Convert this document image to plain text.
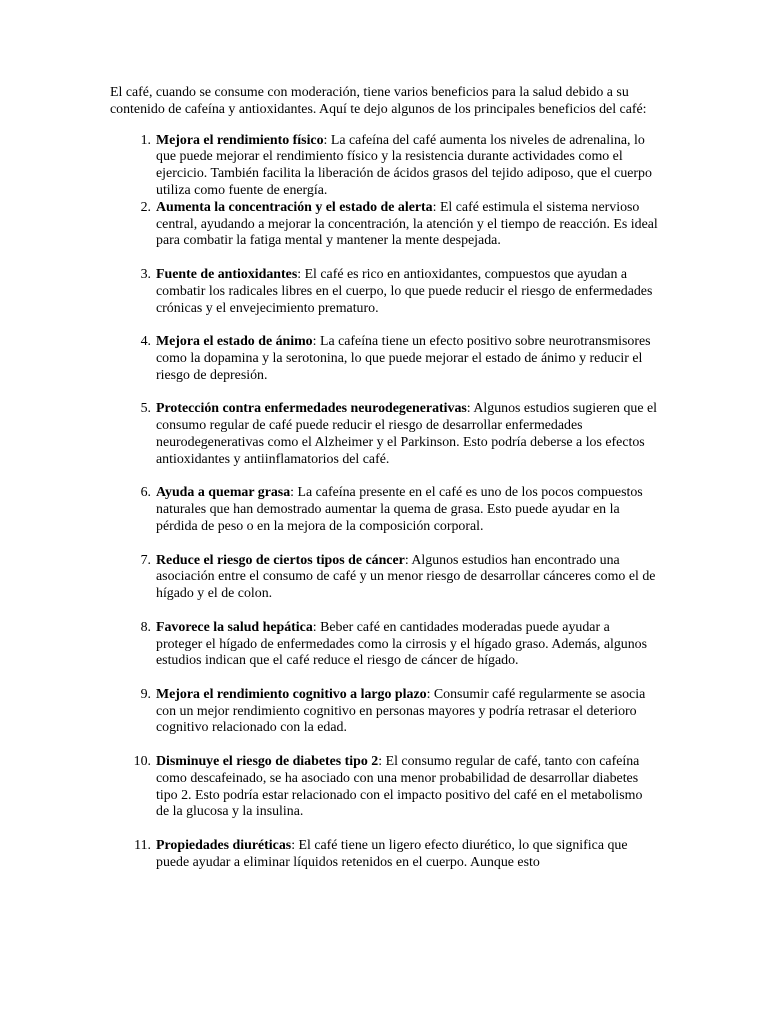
El café, cuando se consume con moderación, tiene varios beneficios para la salud debido a su contenido de cafeína y antioxidantes. Aquí te dejo algunos de los principales beneficios del café:

1. Mejora el rendimiento físico: La cafeína del café aumenta los niveles de adrenalina, lo que puede mejorar el rendimiento físico y la resistencia durante actividades como el ejercicio. También facilita la liberación de ácidos grasos del tejido adiposo, que el cuerpo utiliza como fuente de energía.
2. Aumenta la concentración y el estado de alerta: El café estimula el sistema nervioso central, ayudando a mejorar la concentración, la atención y el tiempo de reacción. Es ideal para combatir la fatiga mental y mantener la mente despejada.
3. Fuente de antioxidantes: El café es rico en antioxidantes, compuestos que ayudan a combatir los radicales libres en el cuerpo, lo que puede reducir el riesgo de enfermedades crónicas y el envejecimiento prematuro.
4. Mejora el estado de ánimo: La cafeína tiene un efecto positivo sobre neurotransmisores como la dopamina y la serotonina, lo que puede mejorar el estado de ánimo y reducir el riesgo de depresión.
5. Protección contra enfermedades neurodegenerativas: Algunos estudios sugieren que el consumo regular de café puede reducir el riesgo de desarrollar enfermedades neurodegenerativas como el Alzheimer y el Parkinson. Esto podría deberse a los efectos antioxidantes y antiinflamatorios del café.
6. Ayuda a quemar grasa: La cafeína presente en el café es uno de los pocos compuestos naturales que han demostrado aumentar la quema de grasa. Esto puede ayudar en la pérdida de peso o en la mejora de la composición corporal.
7. Reduce el riesgo de ciertos tipos de cáncer: Algunos estudios han encontrado una asociación entre el consumo de café y un menor riesgo de desarrollar cánceres como el de hígado y el de colon.
8. Favorece la salud hepática: Beber café en cantidades moderadas puede ayudar a proteger el hígado de enfermedades como la cirrosis y el hígado graso. Además, algunos estudios indican que el café reduce el riesgo de cáncer de hígado.
9. Mejora el rendimiento cognitivo a largo plazo: Consumir café regularmente se asocia con un mejor rendimiento cognitivo en personas mayores y podría retrasar el deterioro cognitivo relacionado con la edad.
10. Disminuye el riesgo de diabetes tipo 2: El consumo regular de café, tanto con cafeína como descafeinado, se ha asociado con una menor probabilidad de desarrollar diabetes tipo 2. Esto podría estar relacionado con el impacto positivo del café en el metabolismo de la glucosa y la insulina.
11. Propiedades diuréticas: El café tiene un ligero efecto diurético, lo que significa que puede ayudar a eliminar líquidos retenidos en el cuerpo. Aunque esto
